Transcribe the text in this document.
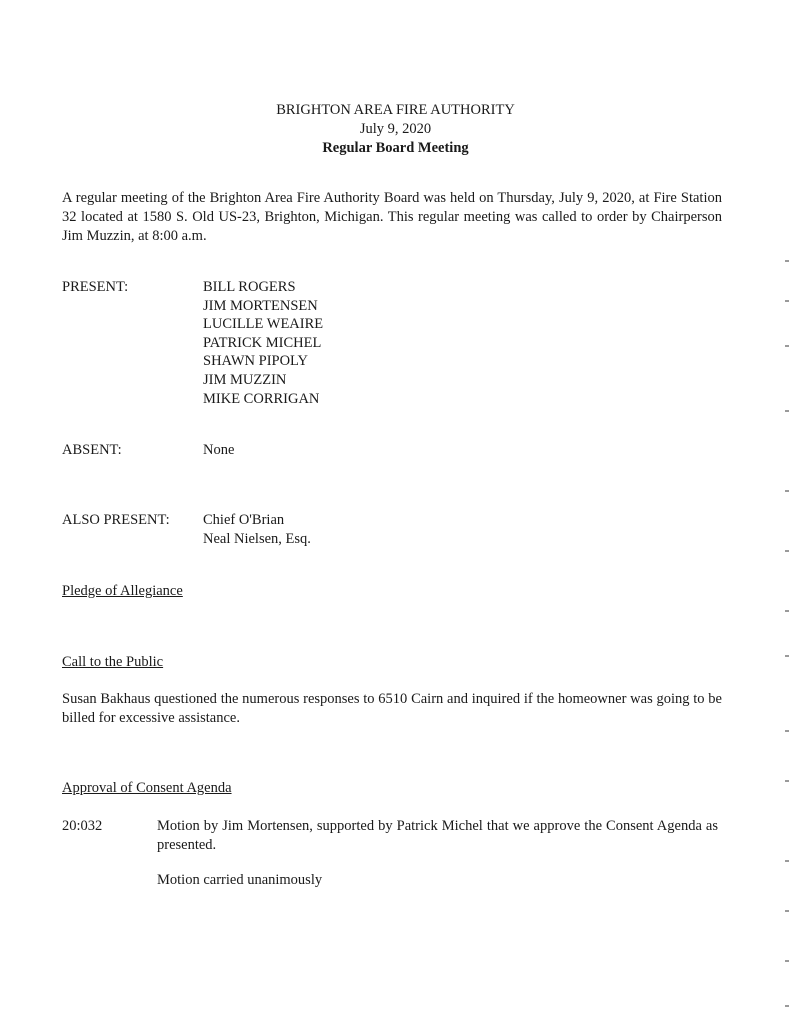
BRIGHTON AREA FIRE AUTHORITY
July 9, 2020
Regular Board Meeting
A regular meeting of the Brighton Area Fire Authority Board was held on Thursday, July 9, 2020, at Fire Station 32 located at 1580 S. Old US-23, Brighton, Michigan. This regular meeting was called to order by Chairperson Jim Muzzin, at 8:00 a.m.
PRESENT:	BILL ROGERS
JIM MORTENSEN
LUCILLE WEAIRE
PATRICK MICHEL
SHAWN PIPOLY
JIM MUZZIN
MIKE CORRIGAN
ABSENT:	None
ALSO PRESENT: Chief O'Brian
Neal Nielsen, Esq.
Pledge of Allegiance
Call to the Public
Susan Bakhaus questioned the numerous responses to 6510 Cairn and inquired if the homeowner was going to be billed for excessive assistance.
Approval of Consent Agenda
20:032	Motion by Jim Mortensen, supported by Patrick Michel that we approve the Consent Agenda as presented.
Motion carried unanimously
